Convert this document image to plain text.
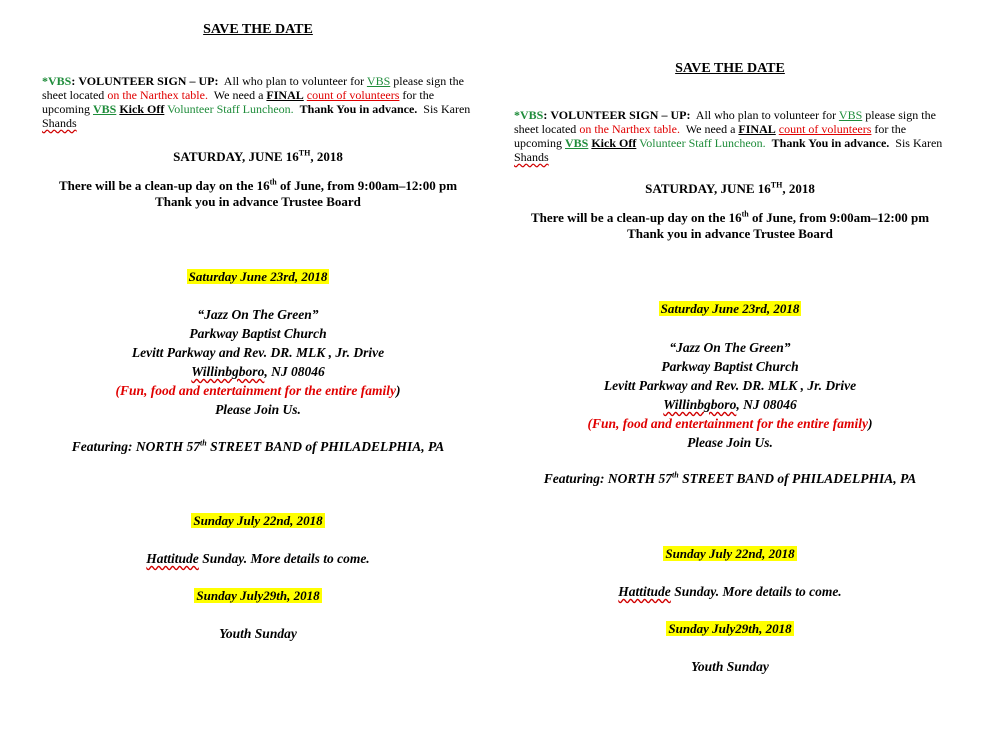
SAVE THE DATE
*VBS: VOLUNTEER SIGN – UP: All who plan to volunteer for VBS please sign the sheet located on the Narthex table. We need a FINAL count of volunteers for the upcoming VBS Kick Off Volunteer Staff Luncheon. Thank You in advance. Sis Karen Shands
SATURDAY, JUNE 16TH, 2018
There will be a clean-up day on the 16th of June, from 9:00am–12:00 pm
Thank you in advance Trustee Board
Saturday June 23rd, 2018
“Jazz On The Green”
Parkway Baptist Church
Levitt Parkway and Rev. DR. MLK , Jr. Drive
Willinbgboro, NJ 08046
(Fun, food and entertainment for the entire family)
Please Join Us.
Featuring: NORTH 57th STREET BAND of PHILADELPHIA, PA
Sunday July 22nd, 2018
Hattitude Sunday. More details to come.
Sunday July29th, 2018
Youth Sunday
SAVE THE DATE
*VBS: VOLUNTEER SIGN – UP: All who plan to volunteer for VBS please sign the sheet located on the Narthex table. We need a FINAL count of volunteers for the upcoming VBS Kick Off Volunteer Staff Luncheon. Thank You in advance. Sis Karen Shands
SATURDAY, JUNE 16TH, 2018
There will be a clean-up day on the 16th of June, from 9:00am–12:00 pm
Thank you in advance Trustee Board
Saturday June 23rd, 2018
“Jazz On The Green”
Parkway Baptist Church
Levitt Parkway and Rev. DR. MLK , Jr. Drive
Willinbgboro, NJ 08046
(Fun, food and entertainment for the entire family)
Please Join Us.
Featuring: NORTH 57th STREET BAND of PHILADELPHIA, PA
Sunday July 22nd, 2018
Hattitude Sunday. More details to come.
Sunday July29th, 2018
Youth Sunday
